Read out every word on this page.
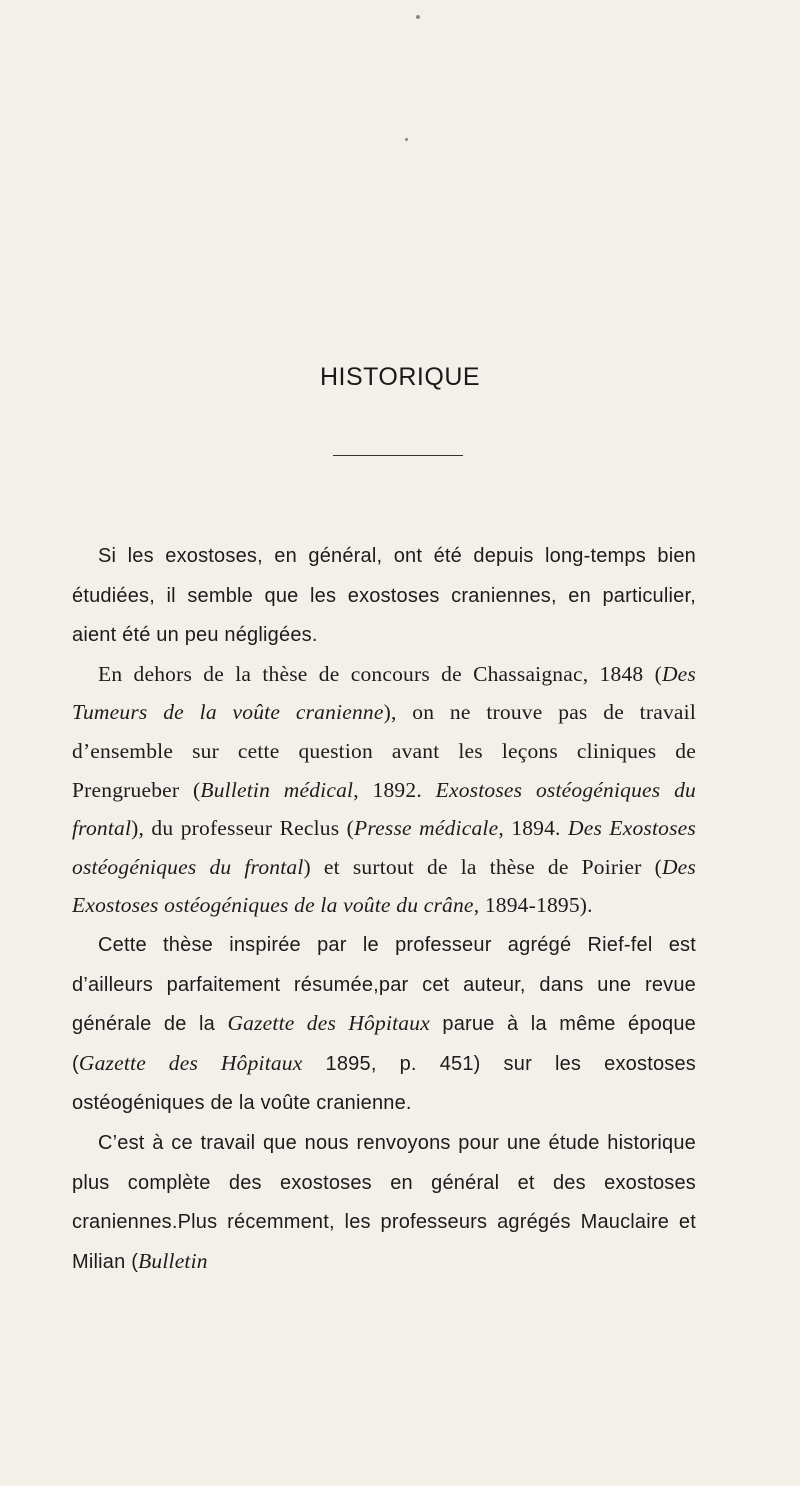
HISTORIQUE

Si les exostoses, en général, ont été depuis long-temps bien étudiées, il semble que les exostoses craniennes, en particulier, aient été un peu négligées.

En dehors de la thèse de concours de Chassaignac, 1848 (Des Tumeurs de la voûte cranienne), on ne trouve pas de travail d’ensemble sur cette question avant les leçons cliniques de Prengrueber (Bulletin médical, 1892. Exostoses ostéogéniques du frontal), du professeur Reclus (Presse médicale, 1894. Des Exostoses ostéogéniques du frontal) et surtout de la thèse de Poirier (Des Exostoses ostéogéniques de la voûte du crâne, 1894-1895).

Cette thèse inspirée par le professeur agrégé Rief-fel est d’ailleurs parfaitement résumée,par cet auteur, dans une revue générale de la Gazette des Hôpitaux parue à la même époque (Gazette des Hôpitaux 1895, p. 451) sur les exostoses ostéogéniques de la voûte cranienne.

C’est à ce travail que nous renvoyons pour une étude historique plus complète des exostoses en général et des exostoses craniennes.Plus récemment, les professeurs agrégés Mauclaire et Milian (Bulletin
